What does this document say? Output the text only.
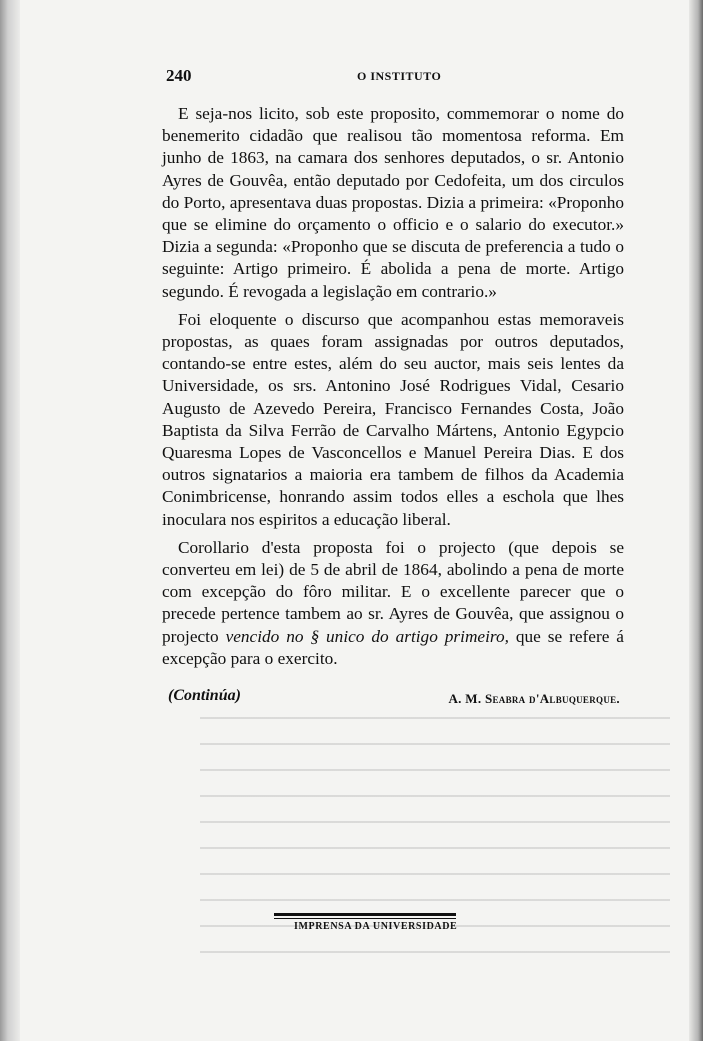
240	O INSTITUTO

E seja-nos licito, sob este proposito, commemorar o nome do benemerito cidadão que realisou tão momentosa reforma. Em junho de 1863, na camara dos senhores deputados, o sr. Antonio Ayres de Gouvêa, então deputado por Cedofeita, um dos circulos do Porto, apresentava duas propostas. Dizia a primeira: «Proponho que se elimine do orçamento o officio e o salario do executor.» Dizia a segunda: «Proponho que se discuta de preferencia a tudo o seguinte: Artigo primeiro. É abolida a pena de morte. Artigo segundo. É revogada a legislação em contrario.»

Foi eloquente o discurso que acompanhou estas memoraveis propostas, as quaes foram assignadas por outros deputados, contando-se entre estes, além do seu auctor, mais seis lentes da Universidade, os srs. Antonino José Rodrigues Vidal, Cesario Augusto de Azevedo Pereira, Francisco Fernandes Costa, João Baptista da Silva Ferrão de Carvalho Mártens, Antonio Egypcio Quaresma Lopes de Vasconcellos e Manuel Pereira Dias. E dos outros signatarios a maioria era tambem de filhos da Academia Conimbricense, honrando assim todos elles a eschola que lhes inoculara nos espiritos a educação liberal.

Corollario d'esta proposta foi o projecto (que depois se converteu em lei) de 5 de abril de 1864, abolindo a pena de morte com excepção do fôro militar. E o excellente parecer que o precede pertence tambem ao sr. Ayres de Gouvêa, que assignou o projecto vencido no § unico do artigo primeiro, que se refere á excepção para o exercito.

(Continúa)	A. M. Seabra d'Albuquerque.
IMPRENSA DA UNIVERSIDADE
